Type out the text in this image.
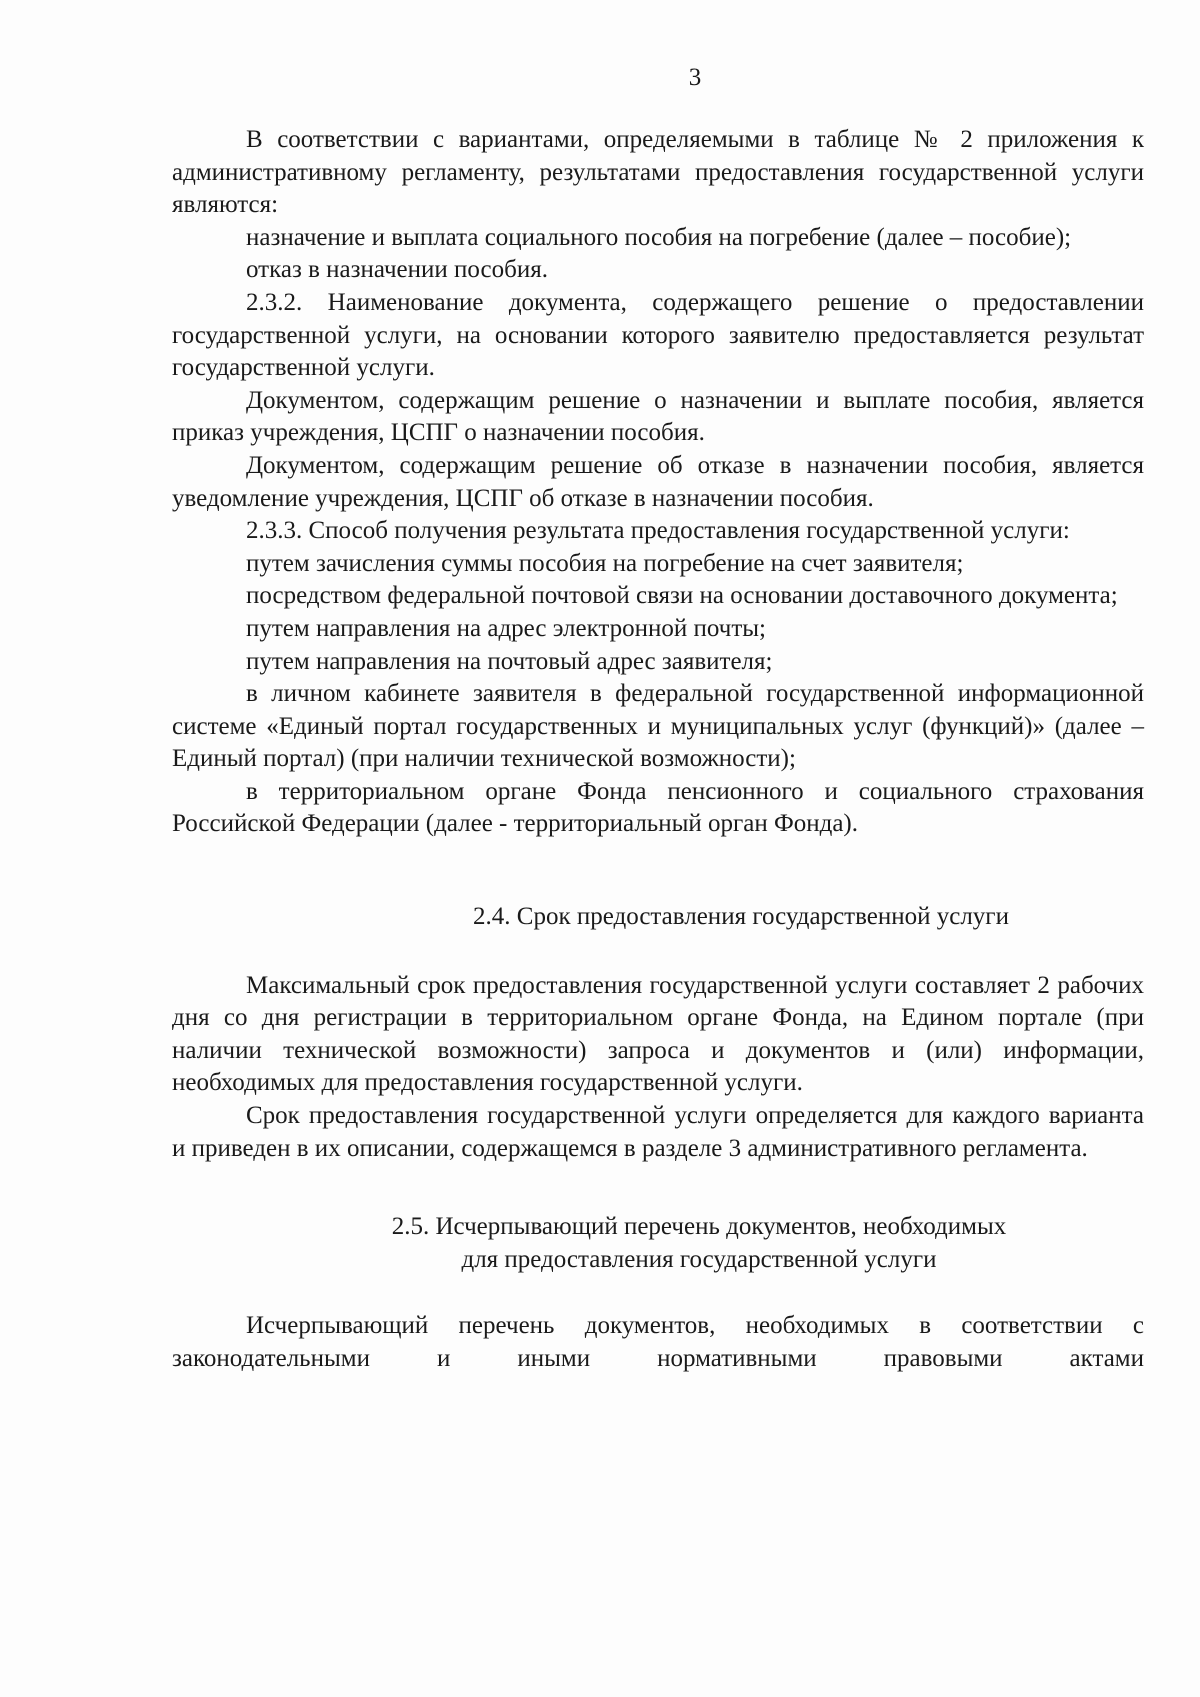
3

В соответствии с вариантами, определяемыми в таблице № 2 приложения к административному регламенту, результатами предоставления государственной услуги являются:

назначение и выплата социального пособия на погребение (далее – пособие);

отказ в назначении пособия.

2.3.2. Наименование документа, содержащего решение о предоставлении государственной услуги, на основании которого заявителю предоставляется результат государственной услуги.

Документом, содержащим решение о назначении и выплате пособия, является приказ учреждения, ЦСПГ о назначении пособия.

Документом, содержащим решение об отказе в назначении пособия, является уведомление учреждения, ЦСПГ об отказе в назначении пособия.

2.3.3. Способ получения результата предоставления государственной услуги:

путем зачисления суммы пособия на погребение на счет заявителя;

посредством федеральной почтовой связи на основании доставочного документа;

путем направления на адрес электронной почты;

путем направления на почтовый адрес заявителя;

в личном кабинете заявителя в федеральной государственной информационной системе «Единый портал государственных и муниципальных услуг (функций)» (далее – Единый портал) (при наличии технической возможности);

в территориальном органе Фонда пенсионного и социального страхования Российской Федерации (далее - территориальный орган Фонда).

2.4. Срок предоставления государственной услуги

Максимальный срок предоставления государственной услуги составляет 2 рабочих дня со дня регистрации в территориальном органе Фонда, на Едином портале (при наличии технической возможности) запроса и документов и (или) информации, необходимых для предоставления государственной услуги.

Срок предоставления государственной услуги определяется для каждого варианта и приведен в их описании, содержащемся в разделе 3 административного регламента.

2.5. Исчерпывающий перечень документов, необходимых
для предоставления государственной услуги

Исчерпывающий перечень документов, необходимых в соответствии с законодательными и иными нормативными правовыми актами
